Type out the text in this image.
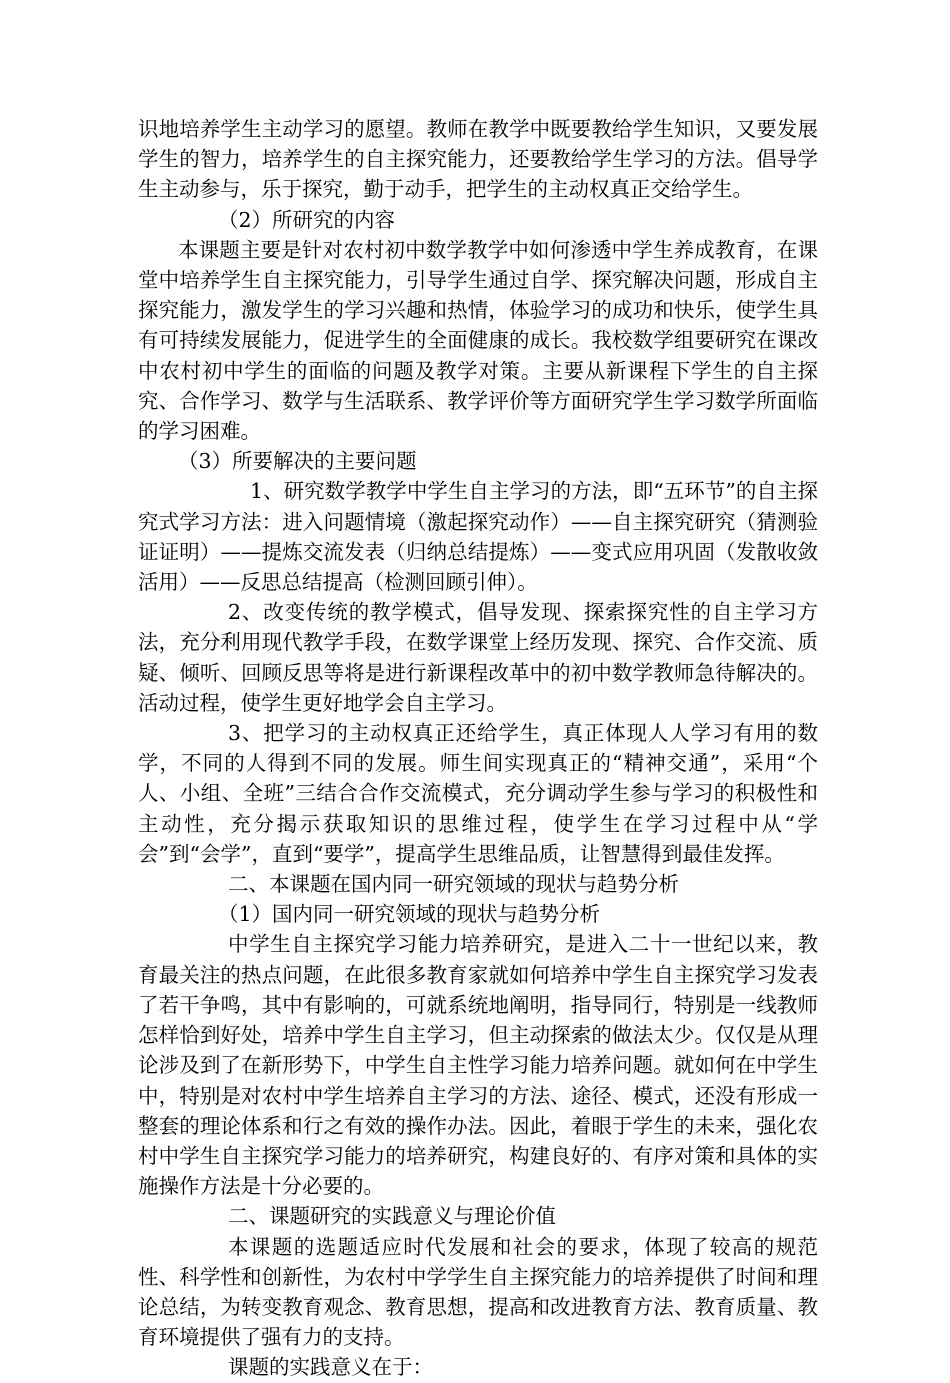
识地培养学生主动学习的愿望。教师在教学中既要教给学生知识，又要发展学生的智力，培养学生的自主探究能力，还要教给学生学习的方法。倡导学生主动参与，乐于探究，勤于动手，把学生的主动权真正交给学生。

（2）所研究的内容

本课题主要是针对农村初中数学教学中如何渗透中学生养成教育，在课堂中培养学生自主探究能力，引导学生通过自学、探究解决问题，形成自主探究能力，激发学生的学习兴趣和热情，体验学习的成功和快乐，使学生具有可持续发展能力，促进学生的全面健康的成长。我校数学组要研究在课改中农村初中学生的面临的问题及教学对策。主要从新课程下学生的自主探究、合作学习、数学与生活联系、教学评价等方面研究学生学习数学所面临的学习困难。

（3）所要解决的主要问题

1、研究数学教学中学生自主学习的方法，即“五环节”的自主探究式学习方法：进入问题情境（激起探究动作）——自主探究研究（猜测验证证明）——提炼交流发表（归纳总结提炼）——变式应用巩固（发散收敛活用）——反思总结提高（检测回顾引伸）。

2、改变传统的教学模式，倡导发现、探索探究性的自主学习方法，充分利用现代教学手段，在数学课堂上经历发现、探究、合作交流、质疑、倾听、回顾反思等将是进行新课程改革中的初中数学教师急待解决的。活动过程，使学生更好地学会自主学习。

3、把学习的主动权真正还给学生，真正体现人人学习有用的数学，不同的人得到不同的发展。师生间实现真正的“精神交通”，采用“个人、小组、全班”三结合合作交流模式，充分调动学生参与学习的积极性和主动性，充分揭示获取知识的思维过程，使学生在学习过程中从“学会”到“会学”，直到“要学”，提高学生思维品质，让智慧得到最佳发挥。

二、本课题在国内同一研究领域的现状与趋势分析

（1）国内同一研究领域的现状与趋势分析

中学生自主探究学习能力培养研究，是进入二十一世纪以来，教育最关注的热点问题，在此很多教育家就如何培养中学生自主探究学习发表了若干争鸣，其中有影响的，可就系统地阐明，指导同行，特别是一线教师怎样恰到好处，培养中学生自主学习，但主动探索的做法太少。仅仅是从理论涉及到了在新形势下，中学生自主性学习能力培养问题。就如何在中学生中，特别是对农村中学生培养自主学习的方法、途径、模式，还没有形成一整套的理论体系和行之有效的操作办法。因此，着眼于学生的未来，强化农村中学生自主探究学习能力的培养研究，构建良好的、有序对策和具体的实施操作方法是十分必要的。

二、课题研究的实践意义与理论价值

本课题的选题适应时代发展和社会的要求，体现了较高的规范性、科学性和创新性，为农村中学学生自主探究能力的培养提供了时间和理论总结，为转变教育观念、教育思想，提高和改进教育方法、教育质量、教育环境提供了强有力的支持。

课题的实践意义在于：
